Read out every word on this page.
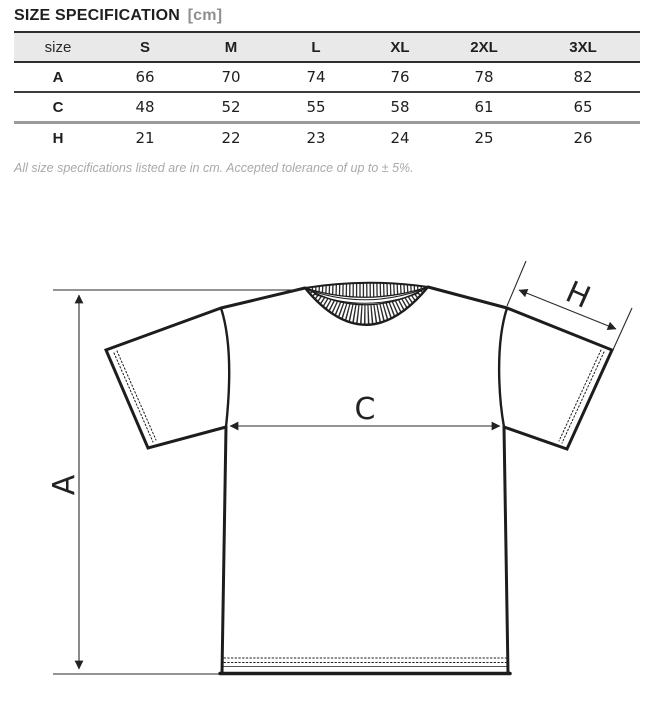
SIZE SPECIFICATION [cm]
size	S	M	L	XL	2XL	3XL
A	66	70	74	76	78	82
C	48	52	55	58	61	65
H	21	22	23	24	25	26
All size specifications listed are in cm. Accepted tolerance of up to ± 5%.
A
C
H
